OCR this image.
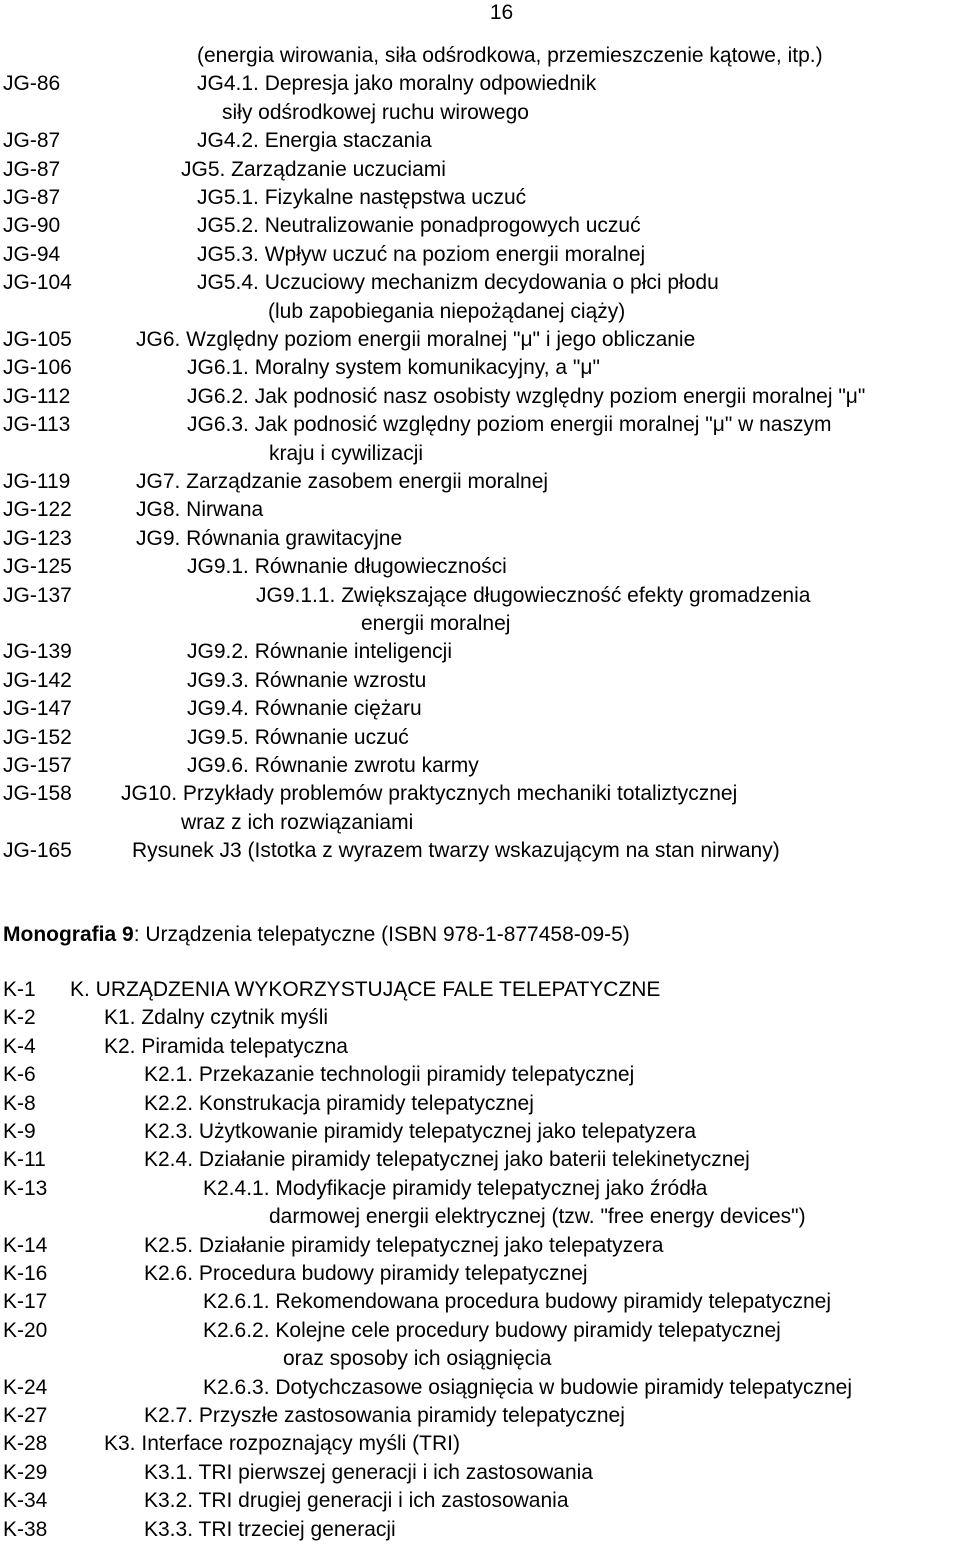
16
(energia wirowania, siła odśrodkowa, przemieszczenie kątowe, itp.)
JG-86	JG4.1. Depresja jako moralny odpowiednik
siły odśrodkowej ruchu wirowego
JG-87	JG4.2. Energia staczania
JG-87	JG5. Zarządzanie uczuciami
JG-87	JG5.1. Fizykalne następstwa uczuć
JG-90	JG5.2. Neutralizowanie ponadprogowych uczuć
JG-94	JG5.3. Wpływ uczuć na poziom energii moralnej
JG-104	JG5.4. Uczuciowy mechanizm decydowania o płci płodu
(lub zapobiegania niepożądanej ciąży)
JG-105	JG6. Względny poziom energii moralnej "μ" i jego obliczanie
JG-106	JG6.1. Moralny system komunikacyjny, a "μ"
JG-112	JG6.2. Jak podnosić nasz osobisty względny poziom energii moralnej "μ"
JG-113	JG6.3. Jak podnosić względny poziom energii moralnej "μ" w naszym
kraju i cywilizacji
JG-119	JG7. Zarządzanie zasobem energii moralnej
JG-122	JG8. Nirwana
JG-123	JG9. Równania grawitacyjne
JG-125	JG9.1. Równanie długowieczności
JG-137	JG9.1.1. Zwiększające długowieczność efekty gromadzenia
energii moralnej
JG-139	JG9.2. Równanie inteligencji
JG-142	JG9.3. Równanie wzrostu
JG-147	JG9.4. Równanie ciężaru
JG-152	JG9.5. Równanie uczuć
JG-157	JG9.6. Równanie zwrotu karmy
JG-158 JG10. Przykłady problemów praktycznych mechaniki totaliztycznej
wraz z ich rozwiązaniami
JG-165	Rysunek J3 (Istotka z wyrazem twarzy wskazującym na stan nirwany)
Monografia 9: Urządzenia telepatyczne (ISBN 978-1-877458-09-5)
K-1 K. URZĄDZENIA WYKORZYSTUJĄCE FALE TELEPATYCZNE
K-2	K1. Zdalny czytnik myśli
K-4	K2. Piramida telepatyczna
K-6	K2.1. Przekazanie technologii piramidy telepatycznej
K-8	K2.2. Konstrukacja piramidy telepatycznej
K-9	K2.3. Użytkowanie piramidy telepatycznej jako telepatyzera
K-11	K2.4. Działanie piramidy telepatycznej jako baterii telekinetycznej
K-13	K2.4.1. Modyfikacje piramidy telepatycznej jako źródła
darmowej energii elektrycznej (tzw. "free energy devices")
K-14	K2.5. Działanie piramidy telepatycznej jako telepatyzera
K-16	K2.6. Procedura budowy piramidy telepatycznej
K-17	K2.6.1. Rekomendowana procedura budowy piramidy telepatycznej
K-20	K2.6.2. Kolejne cele procedury budowy piramidy telepatycznej
oraz sposoby ich osiągnięcia
K-24	K2.6.3. Dotychczasowe osiągnięcia w budowie piramidy telepatycznej
K-27	K2.7. Przyszłe zastosowania piramidy telepatycznej
K-28	K3. Interface rozpoznający myśli (TRI)
K-29	K3.1. TRI pierwszej generacji i ich zastosowania
K-34	K3.2. TRI drugiej generacji i ich zastosowania
K-38	K3.3. TRI trzeciej generacji
